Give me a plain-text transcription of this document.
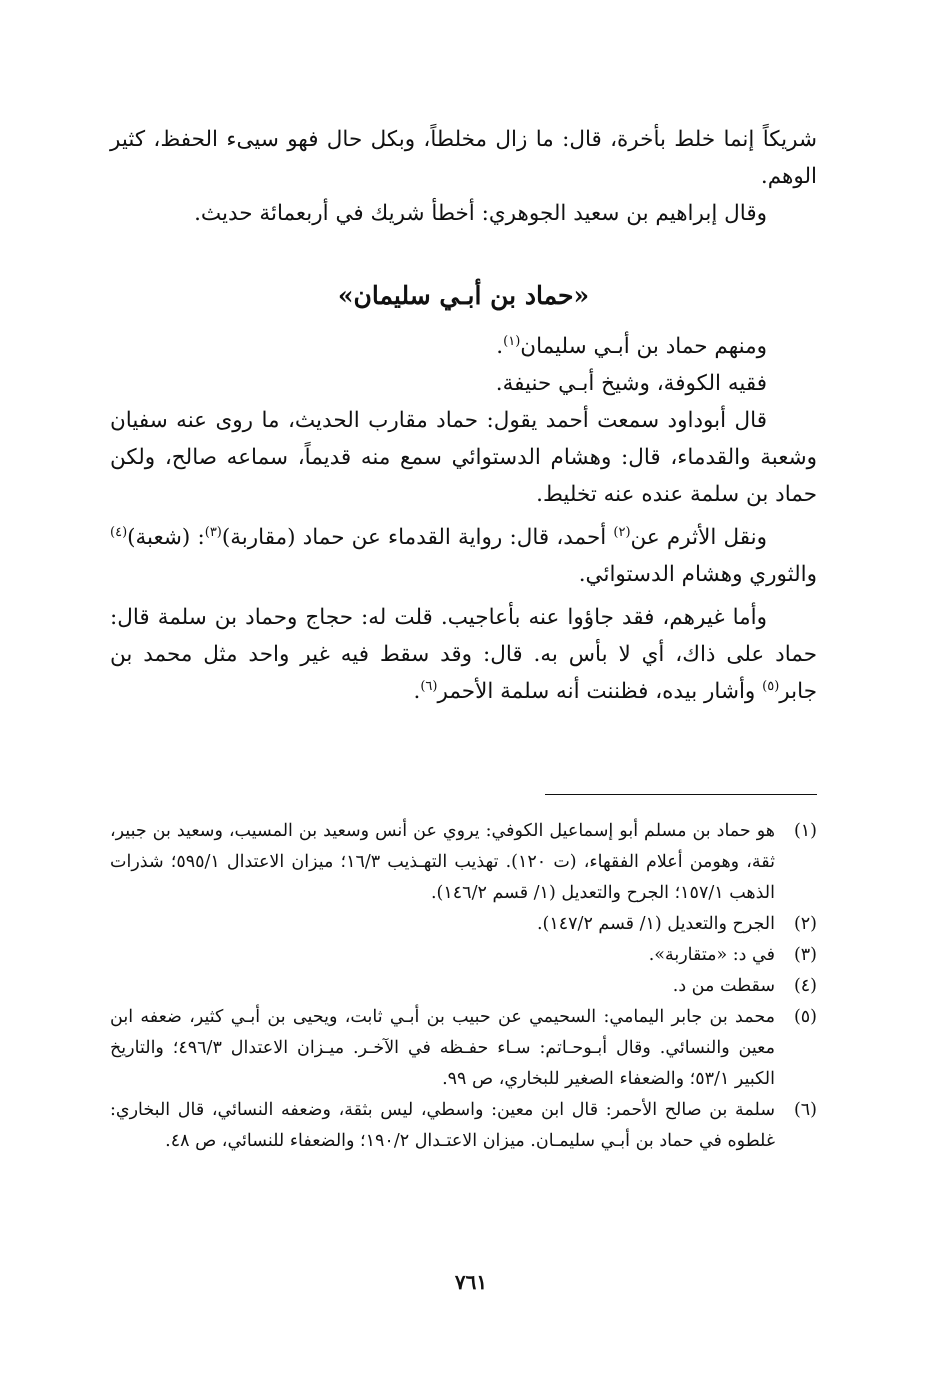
شريكاً إنما خلط بأخرة، قال: ما زال مخلطاً، وبكل حال فهو سيىء الحفظ، كثير الوهم.

وقال إبراهيم بن سعيد الجوهري: أخطأ شريك في أربعمائة حديث.

«حماد بن أبـي سليمان»

ومنهم حماد بن أبـي سليمان$^{(١)}$.

فقيه الكوفة، وشيخ أبـي حنيفة.

قال أبوداود سمعت أحمد يقول: حماد مقارب الحديث، ما روى عنه سفيان وشعبة والقدماء، قال: وهشام الدستوائي سمع منه قديماً، سماعه صالح، ولكن حماد بن سلمة عنده عنه تخليط.

ونقل الأثرم عن$^{(٢)}$ أحمد، قال: رواية القدماء عن حماد (مقاربة)$^{(٣)}$: (شعبة)$^{(٤)}$ والثوري وهشام الدستوائي.

وأما غيرهم، فقد جاؤوا عنه بأعاجيب. قلت له: حجاج وحماد بن سلمة قال: حماد على ذاك، أي لا بأس به. قال: وقد سقط فيه غير واحد مثل محمد بن جابر$^{(٥)}$ وأشار بيده، فظننت أنه سلمة الأحمر$^{(٦)}$.

(١)
هو حماد بن مسلم أبو إسماعيل الكوفي: يروي عن أنس وسعيد بن المسيب، وسعيد بن جبير، ثقة، وهومن أعلام الفقهاء، (ت ١٢٠). تهذيب التهـذيب ١٦/٣؛ ميزان الاعتدال ٥٩٥/١؛ شذرات الذهب ١٥٧/١؛ الجرح والتعديل (١/ قسم ١٤٦/٢).
(٢)
الجرح والتعديل (١/ قسم ١٤٧/٢).
(٣)
في د: «متقاربة».
(٤)
سقطت من د.
(٥)
محمد بن جابر اليمامي: السحيمي عن حبيب بن أبـي ثابت، ويحيى بن أبـي كثير، ضعفه ابن معين والنسائي. وقال أبـوحـاتم: سـاء حفـظه في الآخـر. ميـزان الاعتدال ٤٩٦/٣؛ والتاريخ الكبير ٥٣/١؛ والضعفاء الصغير للبخاري، ص ٩٩.
(٦)
سلمة بن صالح الأحمر: قال ابن معين: واسطي، ليس بثقة، وضعفه النسائي، قال البخاري: غلطوه في حماد بن أبـي سليمـان. ميزان الاعتـدال ١٩٠/٢؛ والضعفاء للنسائي، ص ٤٨.
٧٦١
